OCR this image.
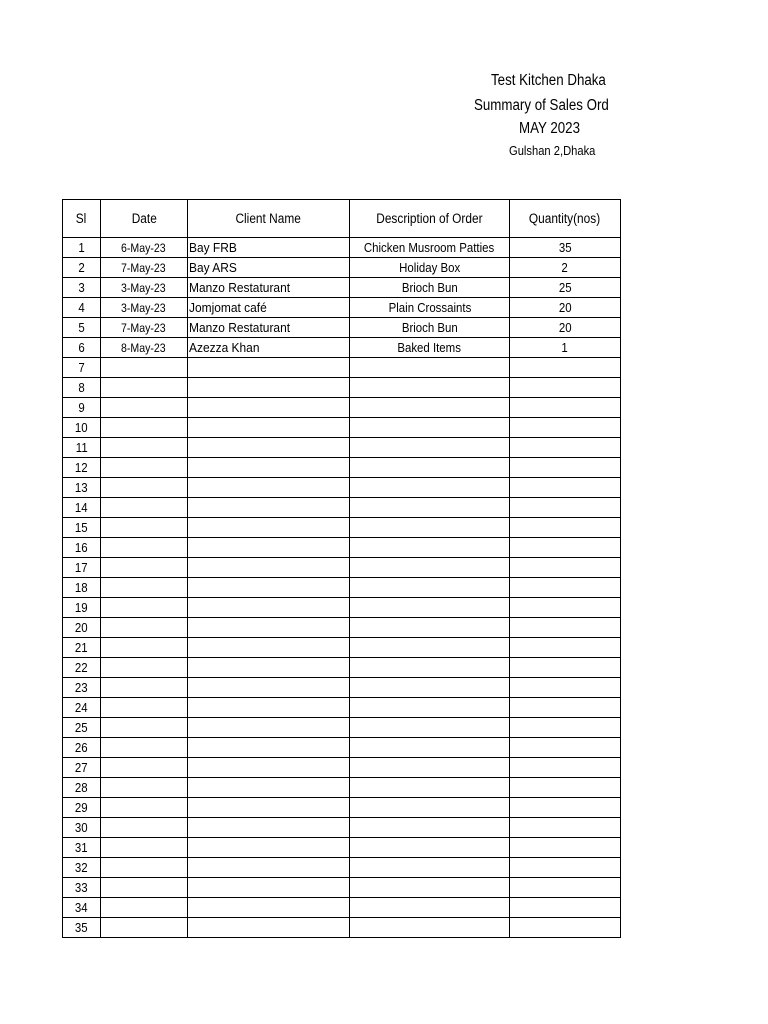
Test Kitchen Dhaka
Summary of Sales Ord
MAY 2023
Gulshan 2,Dhaka
Sl	Date	Client Name	Description of Order	Quantity(nos)
1	6-May-23	Bay FRB	Chicken Musroom Patties	35
2	7-May-23	Bay ARS	Holiday Box	2
3	3-May-23	Manzo Restaturant	Brioch Bun	25
4	3-May-23	Jomjomat café	Plain Crossaints	20
5	7-May-23	Manzo Restaturant	Brioch Bun	20
6	8-May-23	Azezza Khan	Baked Items	1
7				
8				
9				
10				
11				
12				
13				
14				
15				
16				
17				
18				
19				
20				
21				
22				
23				
24				
25				
26				
27				
28				
29				
30				
31				
32				
33				
34				
35				
